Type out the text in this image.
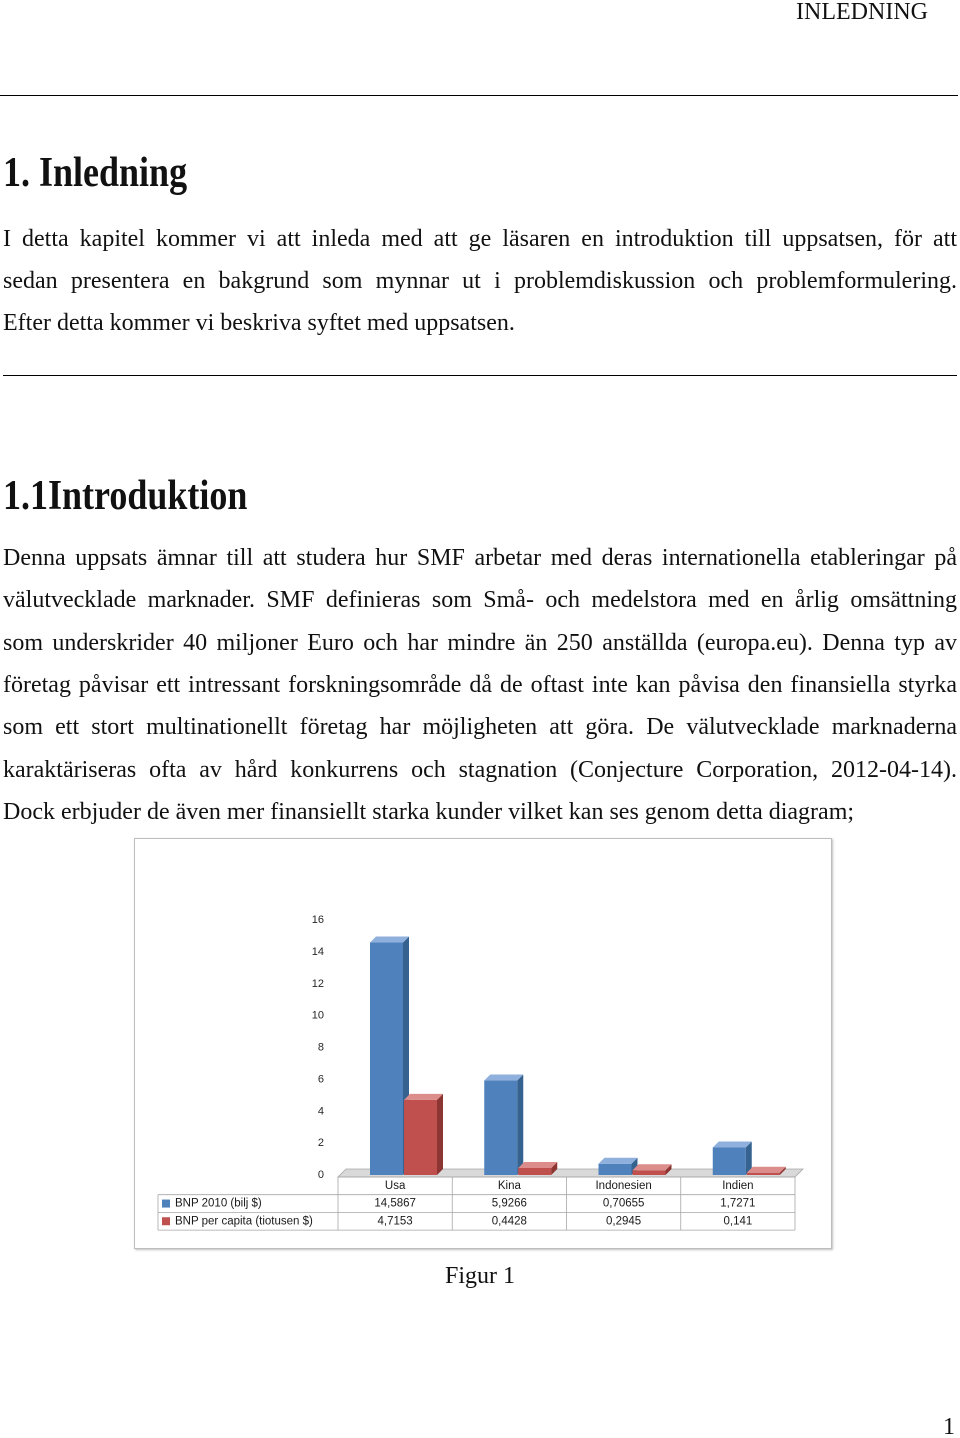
INLEDNING
1. Inledning
I detta kapitel kommer vi att inleda med att ge läsaren en introduktion till uppsatsen, för att
sedan presentera en bakgrund som mynnar ut i problemdiskussion och problemformulering.
Efter detta kommer vi beskriva syftet med uppsatsen.
1.1Introduktion
Denna uppsats ämnar till att studera hur SMF arbetar med deras internationella etableringar på
välutvecklade marknader. SMF definieras som Små- och medelstora med en årlig omsättning
som underskrider 40 miljoner Euro och har mindre än 250 anställda (europa.eu). Denna typ av
företag påvisar ett intressant forskningsområde då de oftast inte kan påvisa den finansiella styrka
som ett stort multinationellt företag har möjligheten att göra. De välutvecklade marknaderna
karaktäriseras ofta av hård konkurrens och stagnation (Conjecture Corporation, 2012-04-14).
Dock erbjuder de även mer finansiellt starka kunder vilket kan ses genom detta diagram;
0
2
4
6
8
10
12
14
16
Usa	Kina	Indonesien	Indien
BNP 2010 (bilj $)	14,5867	5,9266	0,70655	1,7271
BNP per capita (tiotusen $)	4,7153	0,4428	0,2945	0,141
Figur 1
1
